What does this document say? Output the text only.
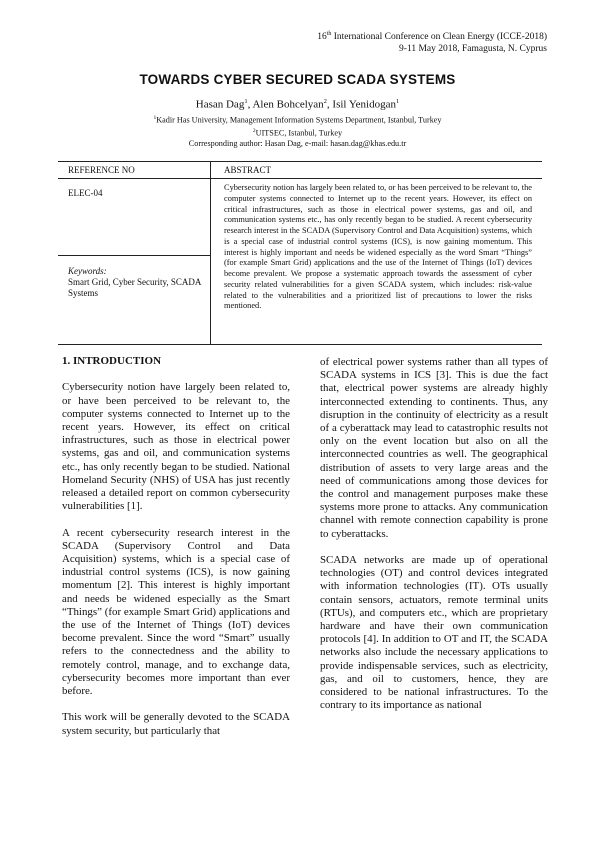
16th International Conference on Clean Energy (ICCE-2018)
9-11 May 2018, Famagusta, N. Cyprus
TOWARDS CYBER SECURED SCADA SYSTEMS
Hasan Dag$^1$, Alen Bohcelyan$^2$, Isil Yenidogan$^1$
$^1$Kadir Has University, Management Information Systems Department, Istanbul, Turkey
$^2$UITSEC, Istanbul, Turkey
Corresponding author: Hasan Dag, e-mail: hasan.dag@khas.edu.tr
REFERENCE NO	ABSTRACT
ELEC-04
Keywords:
Smart Grid, Cyber Security, SCADA Systems
Cybersecurity notion has largely been related to, or has been perceived to be relevant to, the computer systems connected to Internet up to the recent years. However, its effect on critical infrastructures, such as those in electrical power systems, gas and oil, and communication systems etc., has only recently began to be studied. A recent cybersecurity research interest in the SCADA (Supervisory Control and Data Acquisition) systems, which is a special case of industrial control systems (ICS), is now gaining momentum. This interest is highly important and needs be widened especially as the word Smart “Things” (for example Smart Grid) applications and the use of the Internet of Things (IoT) devices become prevalent. We propose a systematic approach towards the assessment of cyber security related vulnerabilities for a given SCADA system, which includes: risk-value related to the vulnerabilities and a prioritized list of precautions to lower the risks mentioned.

1. INTRODUCTION

Cybersecurity notion have largely been related to, or have been perceived to be relevant to, the computer systems connected to Internet up to the recent years. However, its effect on critical infrastructures, such as those in electrical power systems, gas and oil, and communication systems etc., has only recently began to be studied. National Homeland Security (NHS) of USA has just recently released a detailed report on common cybersecurity vulnerabilities [1].

A recent cybersecurity research interest in the SCADA (Supervisory Control and Data Acquisition) systems, which is a special case of industrial control systems (ICS), is now gaining momentum [2]. This interest is highly important and needs be widened especially as the Smart “Things” (for example Smart Grid) applications and the use of the Internet of Things (IoT) devices become prevalent. Since the word “Smart” usually refers to the connectedness and the ability to remotely control, manage, and to exchange data, cybersecurity becomes more important than ever before.

This work will be generally devoted to the SCADA system security, but particularly that

of electrical power systems rather than all types of SCADA systems in ICS [3]. This is due the fact that, electrical power systems are already highly interconnected extending to continents. Thus, any disruption in the continuity of electricity as a result of a cyberattack may lead to catastrophic results not only on the event location but also on all the interconnected countries as well. The geographical distribution of assets to very large areas and the need of communications among those devices for the control and management purposes make these systems more prone to attacks. Any communication channel with remote connection capability is prone to cyberattacks.

SCADA networks are made up of operational technologies (OT) and control devices integrated with information technologies (IT). OTs usually contain sensors, actuators, remote terminal units (RTUs), and computers etc., which are proprietary hardware and have their own communication protocols [4]. In addition to OT and IT, the SCADA networks also include the necessary applications to provide indispensable services, such as electricity, gas, and oil to customers, hence, they are considered to be national infrastructures. To the contrary to its importance as national
